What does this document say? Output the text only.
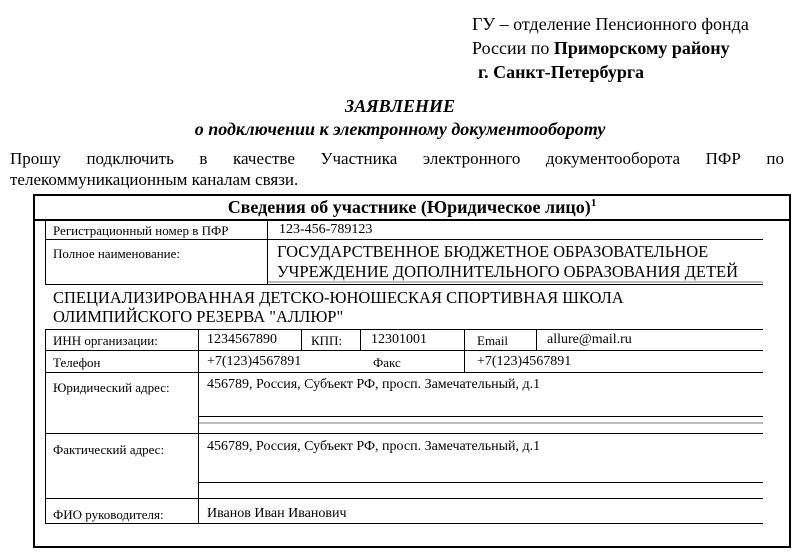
ГУ – отделение Пенсионного фонда
России по Приморскому району
г. Санкт-Петербурга
ЗАЯВЛЕНИЕ
о подключении к электронному документообороту
Прошу подключить в качестве Участника электронного документооборота ПФР по телекоммуникационным каналам связи.
Сведения об участнике (Юридическое лицо)$^1$
Регистрационный номер в ПФР	123-456-789123
Полное наименование:	ГОСУДАРСТВЕННОЕ БЮДЖЕТНОЕ ОБРАЗОВАТЕЛЬНОЕ
УЧРЕЖДЕНИЕ ДОПОЛНИТЕЛЬНОГО ОБРАЗОВАНИЯ ДЕТЕЙ
СПЕЦИАЛИЗИРОВАННАЯ ДЕТСКО-ЮНОШЕСКАЯ СПОРТИВНАЯ ШКОЛА
ОЛИМПИЙСКОГО РЕЗЕРВА "АЛЛЮР"
ИНН организации:	1234567890	КПП: 12301001	Email	allure@mail.ru
Телефон	+7(123)4567891	Факс	+7(123)4567891
Юридический адрес:	456789, Россия, Субъект РФ, просп. Замечательный, д.1
Фактический адрес:	456789, Россия, Субъект РФ, просп. Замечательный, д.1
ФИО руководителя:	Иванов Иван Иванович
